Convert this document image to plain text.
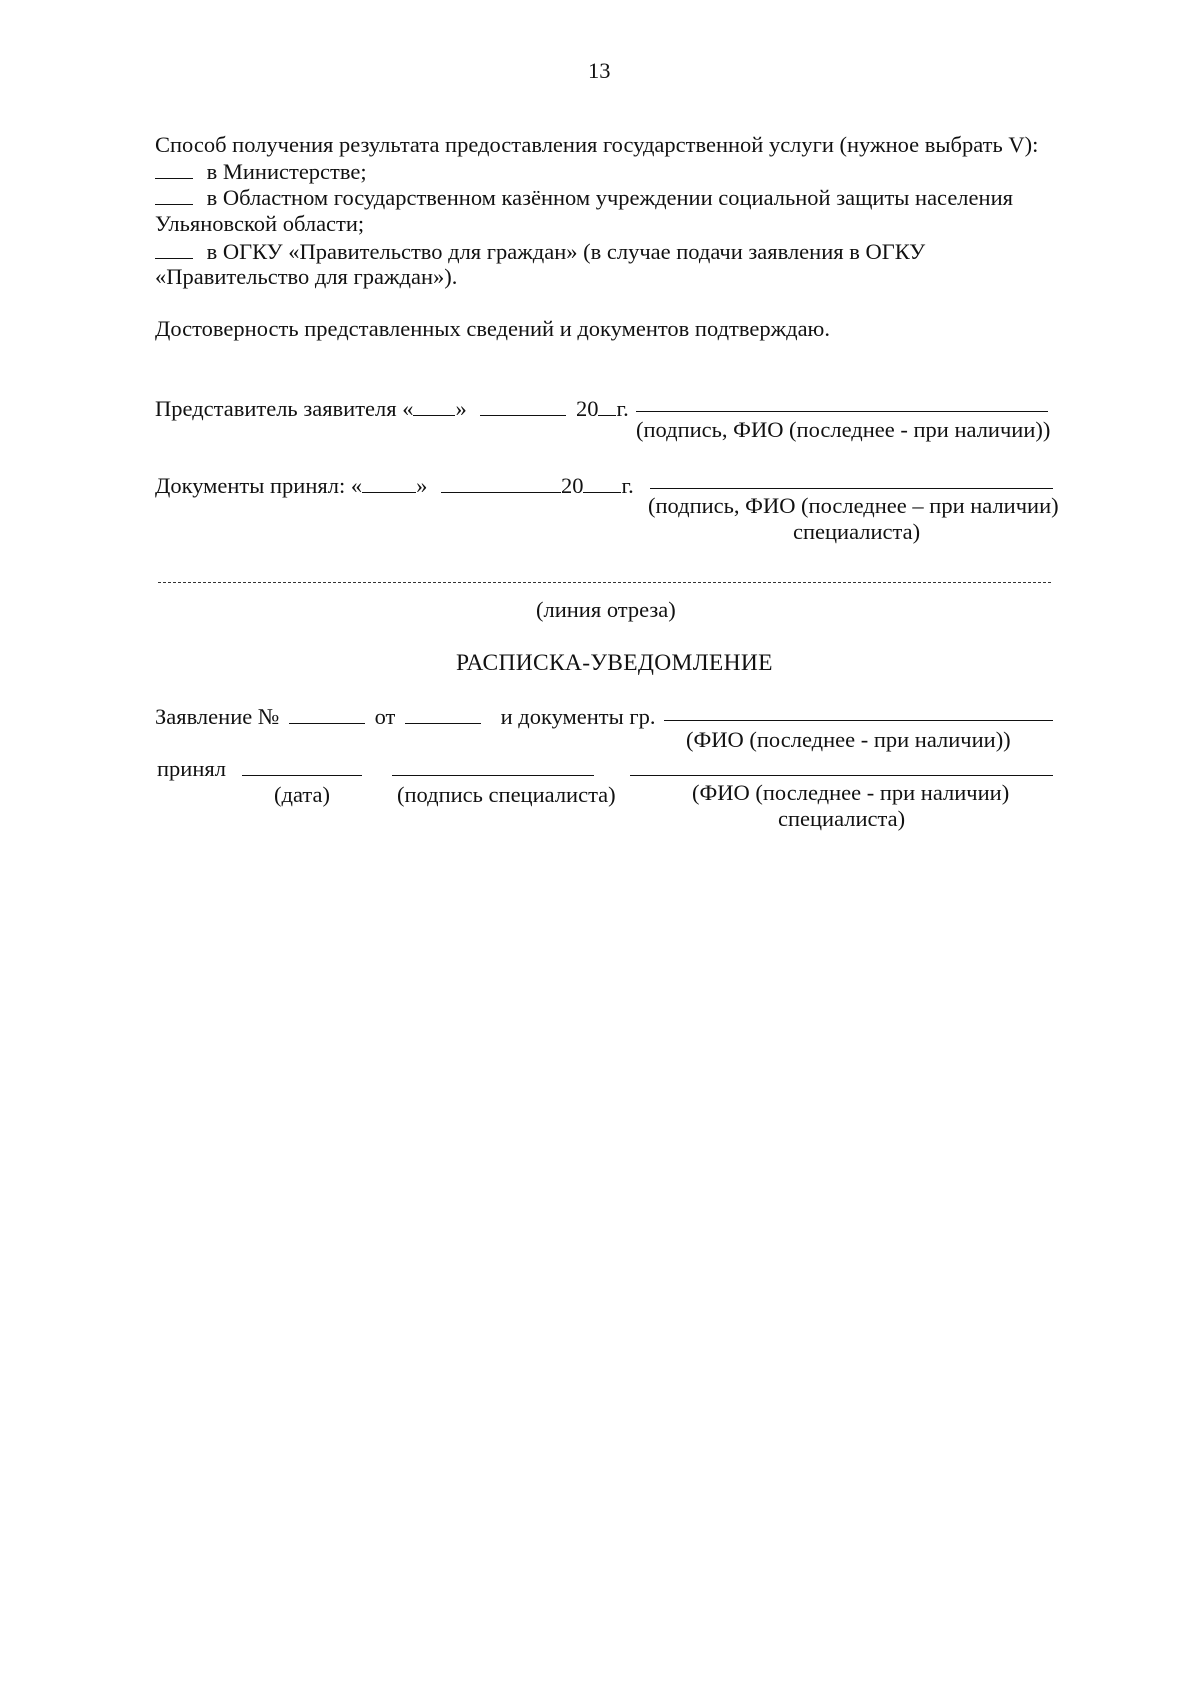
13
Способ получения результата предоставления государственной услуги (нужное выбрать V):
в Министерстве;
в Областном государственном казённом учреждении социальной защиты населения
Ульяновской области;
в ОГКУ «Правительство для граждан» (в случае подачи заявления в ОГКУ
«Правительство для граждан»).
Достоверность представленных сведений и документов подтверждаю.
Представитель заявителя « »	20 г.
(подпись, ФИО (последнее - при наличии))
Документы принял: « »	20 г.
(подпись, ФИО (последнее – при наличии)
специалиста)
(линия отреза)
РАСПИСКА-УВЕДОМЛЕНИЕ
Заявление №	от	и документы гр.
(ФИО (последнее - при наличии))
принял
(дата)	(подпись специалиста)	(ФИО (последнее - при наличии)
специалиста)
